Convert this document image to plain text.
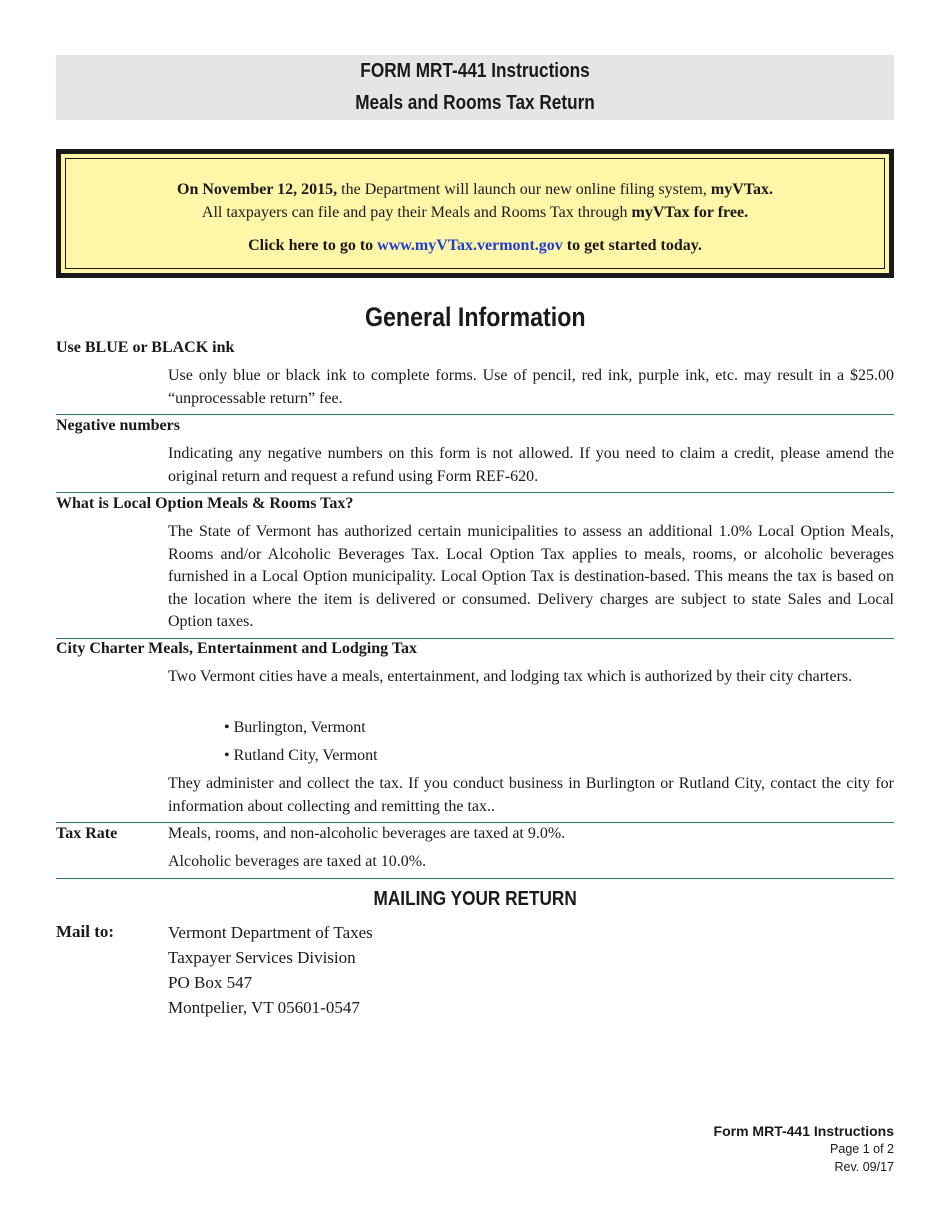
FORM MRT-441 Instructions
Meals and Rooms Tax Return

On November 12, 2015, the Department will launch our new online filing system, myVTax.

All taxpayers can file and pay their Meals and Rooms Tax through myVTax for free.

Click here to go to www.myVTax.vermont.gov to get started today.

General Information
Use BLUE or BLACK ink
Use only blue or black ink to complete forms. Use of pencil, red ink, purple ink, etc. may result in a $25.00 “unprocessable return” fee.
Negative numbers
Indicating any negative numbers on this form is not allowed. If you need to claim a credit, please amend the original return and request a refund using Form REF-620.
What is Local Option Meals & Rooms Tax?
The State of Vermont has authorized certain municipalities to assess an additional 1.0% Local Option Meals, Rooms and/or Alcoholic Beverages Tax. Local Option Tax applies to meals, rooms, or alcoholic beverages furnished in a Local Option municipality. Local Option Tax is destination-based. This means the tax is based on the location where the item is delivered or consumed. Delivery charges are subject to state Sales and Local Option taxes.
City Charter Meals, Entertainment and Lodging Tax
Two Vermont cities have a meals, entertainment, and lodging tax which is authorized by their city charters.
• Burlington, Vermont
• Rutland City, Vermont
They administer and collect the tax. If you conduct business in Burlington or Rutland City, contact the city for information about collecting and remitting the tax..
Tax Rate	Meals, rooms, and non-alcoholic beverages are taxed at 9.0%.
Alcoholic beverages are taxed at 10.0%.
MAILING YOUR RETURN
Mail to:	Vermont Department of Taxes
Taxpayer Services Division
PO Box 547
Montpelier, VT 05601-0547
Form MRT-441 Instructions
Page 1 of 2
Rev. 09/17
